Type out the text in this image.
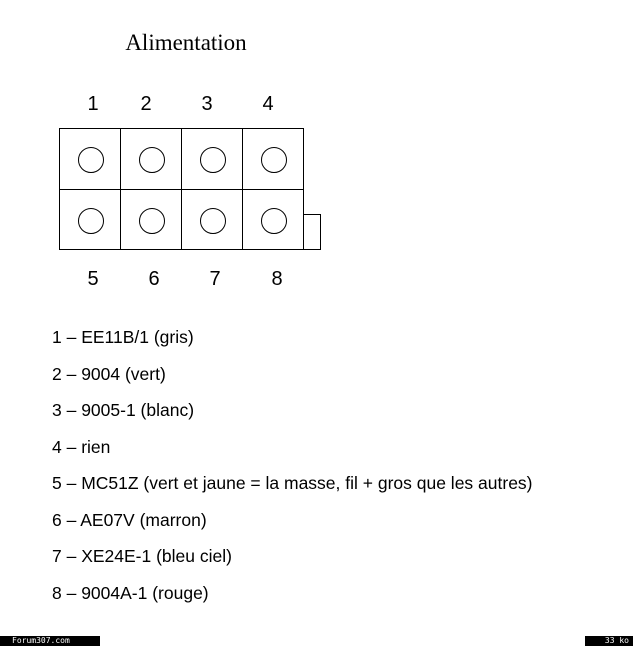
Alimentation
1 2 3 4
5 6 7	8
1 – EE11B/1 (gris)
2 – 9004 (vert)
3 – 9005-1 (blanc)
4 – rien
5 – MC51Z (vert et jaune = la masse, fil + gros que les autres)
6 – AE07V (marron)
7 – XE24E-1 (bleu ciel)
8 – 9004A-1 (rouge)
Forum307.com	33 ko
